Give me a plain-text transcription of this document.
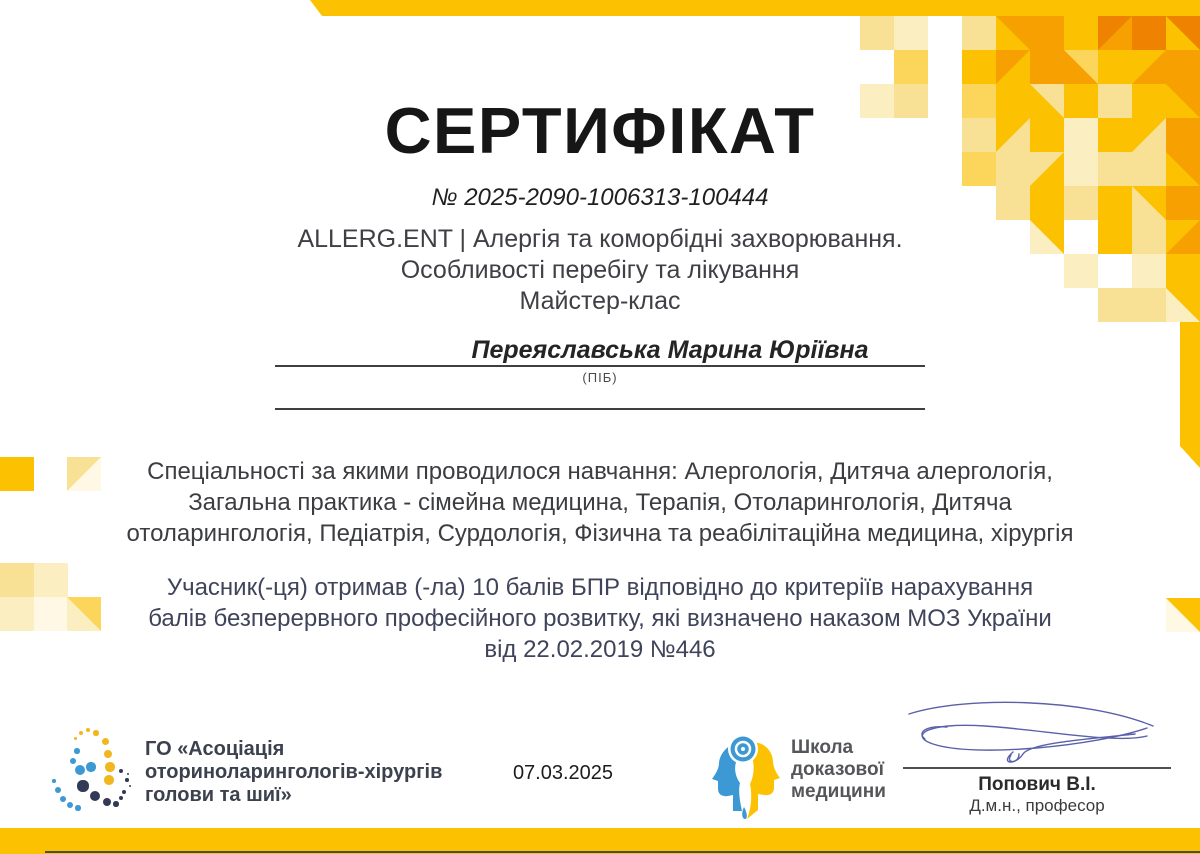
СЕРТИФІКАТ
№ 2025-2090-1006313-100444
ALLERG.ENT | Алергія та коморбідні захворювання.
Особливості перебігу та лікування
Майстер-клас
Переяславська Марина Юріївна
(ПІБ)
Спеціальності за якими проводилося навчання: Алергологія, Дитяча алергологія,
Загальна практика - сімейна медицина, Терапія, Отоларингологія, Дитяча
отоларингологія, Педіатрія, Сурдологія, Фізична та реабілітаційна медицина, хірургія
Учасник(-ця) отримав (-ла) 10 балів БПР відповідно до критеріїв нарахування
балів безперервного професійного розвитку, які визначено наказом МОЗ України
від 22.02.2019 №446
ГО «Асоціація
оториноларингологів-хірургів
голови та шиї»
07.03.2025
Школа
доказової
медицини	Попович В.І.
Д.м.н., професор
